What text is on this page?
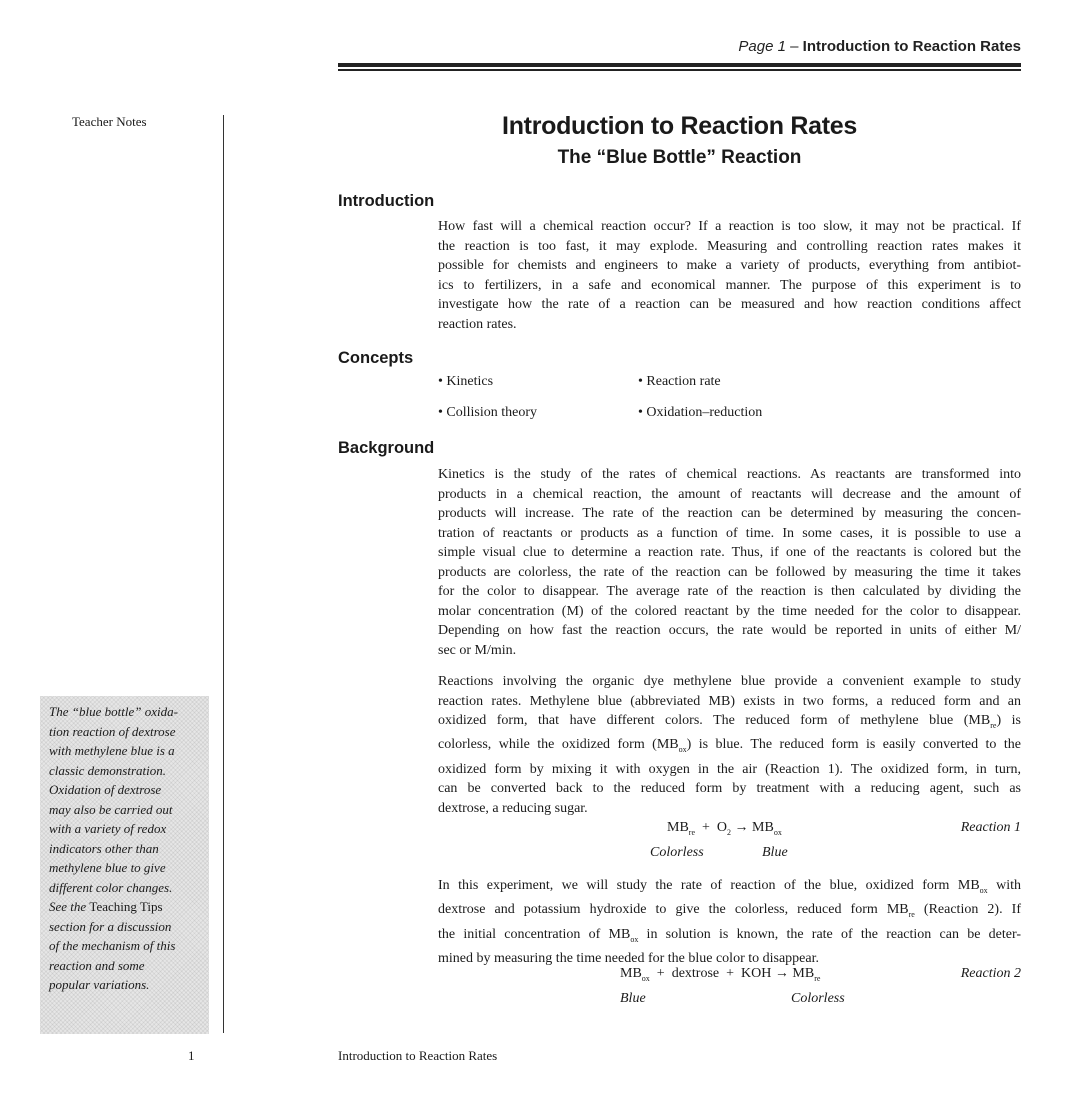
Page 1 – Introduction to Reaction Rates
Teacher Notes
The “blue bottle” oxida-
tion reaction of dextrose
with methylene blue is a
classic demonstration.
Oxidation of dextrose
may also be carried out
with a variety of redox
indicators other than
methylene blue to give
different color changes.
See the Teaching Tips
section for a discussion
of the mechanism of this
reaction and some
popular variations.
Introduction to Reaction Rates
The “Blue Bottle” Reaction
Introduction
How fast will a chemical reaction occur? If a reaction is too slow, it may not be practical. If
the reaction is too fast, it may explode. Measuring and controlling reaction rates makes it
possible for chemists and engineers to make a variety of products, everything from antibiot-
ics to fertilizers, in a safe and economical manner. The purpose of this experiment is to
investigate how the rate of a reaction can be measured and how reaction conditions affect
reaction rates.
Concepts
• Kinetics	• Reaction rate
• Collision theory	• Oxidation–reduction
Background
Kinetics is the study of the rates of chemical reactions. As reactants are transformed into
products in a chemical reaction, the amount of reactants will decrease and the amount of
products will increase. The rate of the reaction can be determined by measuring the concen-
tration of reactants or products as a function of time. In some cases, it is possible to use a
simple visual clue to determine a reaction rate. Thus, if one of the reactants is colored but the
products are colorless, the rate of the reaction can be followed by measuring the time it takes
for the color to disappear. The average rate of the reaction is then calculated by dividing the
molar concentration (M) of the colored reactant by the time needed for the color to disappear.
Depending on how fast the reaction occurs, the rate would be reported in units of either M/
sec or M/min.
Reactions involving the organic dye methylene blue provide a convenient example to study
reaction rates. Methylene blue (abbreviated MB) exists in two forms, a reduced form and an
oxidized form, that have different colors. The reduced form of methylene blue $(MB_{re})$ is
colorless, while the oxidized form $(MB_{ox})$ is blue. The reduced form is easily converted to the
oxidized form by mixing it with oxygen in the air (Reaction 1). The oxidized form, in turn,
can be converted back to the reduced form by treatment with a reducing agent, such as
dextrose, a reducing sugar.
$MB_{re} + O_2 \to MB_{ox}$	Reaction 1
Colorless	Blue
In this experiment, we will study the rate of reaction of the blue, oxidized form $MB_{ox}$ with
dextrose and potassium hydroxide to give the colorless, reduced form $MB_{re}$ (Reaction 2). If
the initial concentration of $MB_{ox}$ in solution is known, the rate of the reaction can be deter-
mined by measuring the time needed for the blue color to disappear.
$MB_{ox}$ + dextrose + KOH → $MB_{re}$	Reaction 2
Blue	Colorless
1	Introduction to Reaction Rates
